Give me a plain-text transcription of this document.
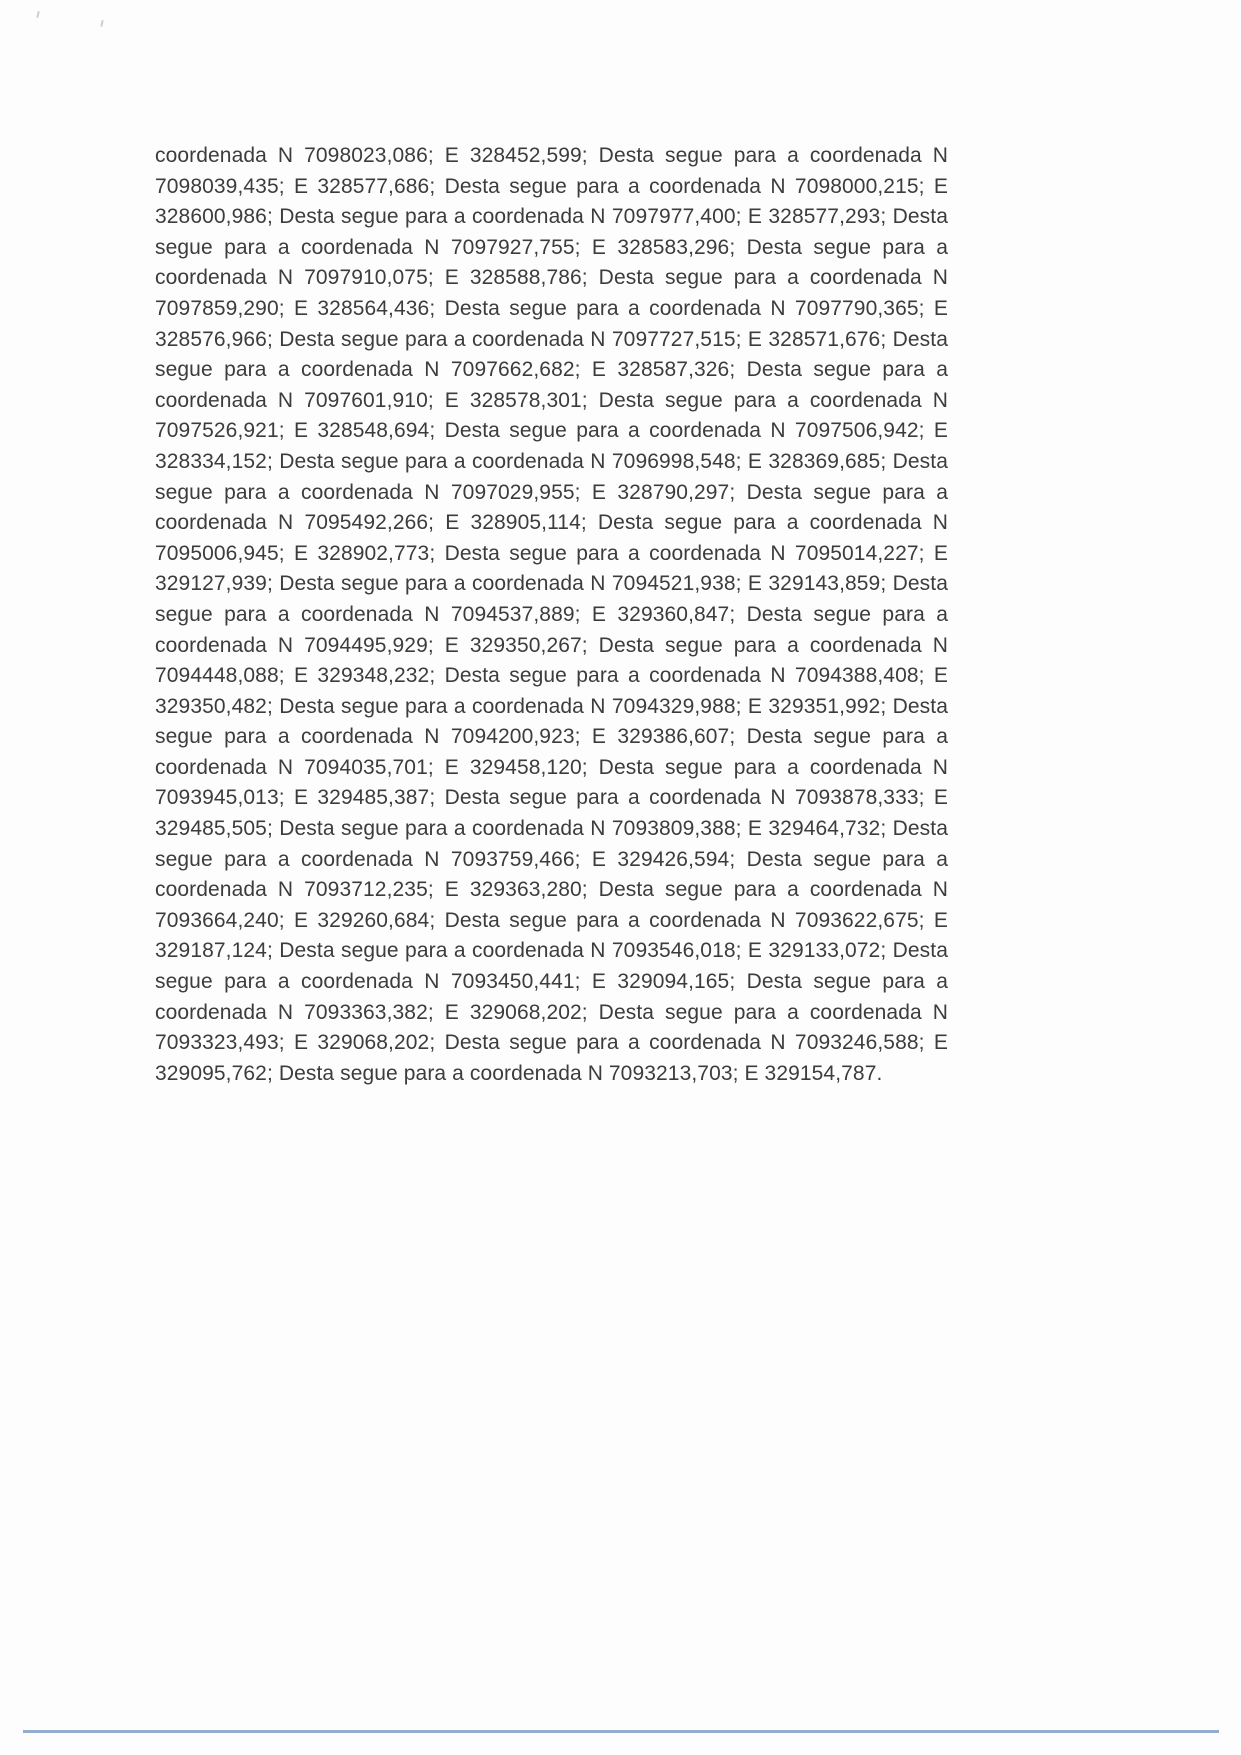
coordenada N 7098023,086; E 328452,599; Desta segue para a coordenada N
7098039,435; E 328577,686; Desta segue para a coordenada N 7098000,215; E
328600,986; Desta segue para a coordenada N 7097977,400; E 328577,293; Desta
segue para a coordenada N 7097927,755; E 328583,296; Desta segue para a
coordenada N 7097910,075; E 328588,786; Desta segue para a coordenada N
7097859,290; E 328564,436; Desta segue para a coordenada N 7097790,365; E
328576,966; Desta segue para a coordenada N 7097727,515; E 328571,676; Desta
segue para a coordenada N 7097662,682; E 328587,326; Desta segue para a
coordenada N 7097601,910; E 328578,301; Desta segue para a coordenada N
7097526,921; E 328548,694; Desta segue para a coordenada N 7097506,942; E
328334,152; Desta segue para a coordenada N 7096998,548; E 328369,685; Desta
segue para a coordenada N 7097029,955; E 328790,297; Desta segue para a
coordenada N 7095492,266; E 328905,114; Desta segue para a coordenada N
7095006,945; E 328902,773; Desta segue para a coordenada N 7095014,227; E
329127,939; Desta segue para a coordenada N 7094521,938; E 329143,859; Desta
segue para a coordenada N 7094537,889; E 329360,847; Desta segue para a
coordenada N 7094495,929; E 329350,267; Desta segue para a coordenada N
7094448,088; E 329348,232; Desta segue para a coordenada N 7094388,408; E
329350,482; Desta segue para a coordenada N 7094329,988; E 329351,992; Desta
segue para a coordenada N 7094200,923; E 329386,607; Desta segue para a
coordenada N 7094035,701; E 329458,120; Desta segue para a coordenada N
7093945,013; E 329485,387; Desta segue para a coordenada N 7093878,333; E
329485,505; Desta segue para a coordenada N 7093809,388; E 329464,732; Desta
segue para a coordenada N 7093759,466; E 329426,594; Desta segue para a
coordenada N 7093712,235; E 329363,280; Desta segue para a coordenada N
7093664,240; E 329260,684; Desta segue para a coordenada N 7093622,675; E
329187,124; Desta segue para a coordenada N 7093546,018; E 329133,072; Desta
segue para a coordenada N 7093450,441; E 329094,165; Desta segue para a
coordenada N 7093363,382; E 329068,202; Desta segue para a coordenada N
7093323,493; E 329068,202; Desta segue para a coordenada N 7093246,588; E
329095,762; Desta segue para a coordenada N 7093213,703; E 329154,787.
